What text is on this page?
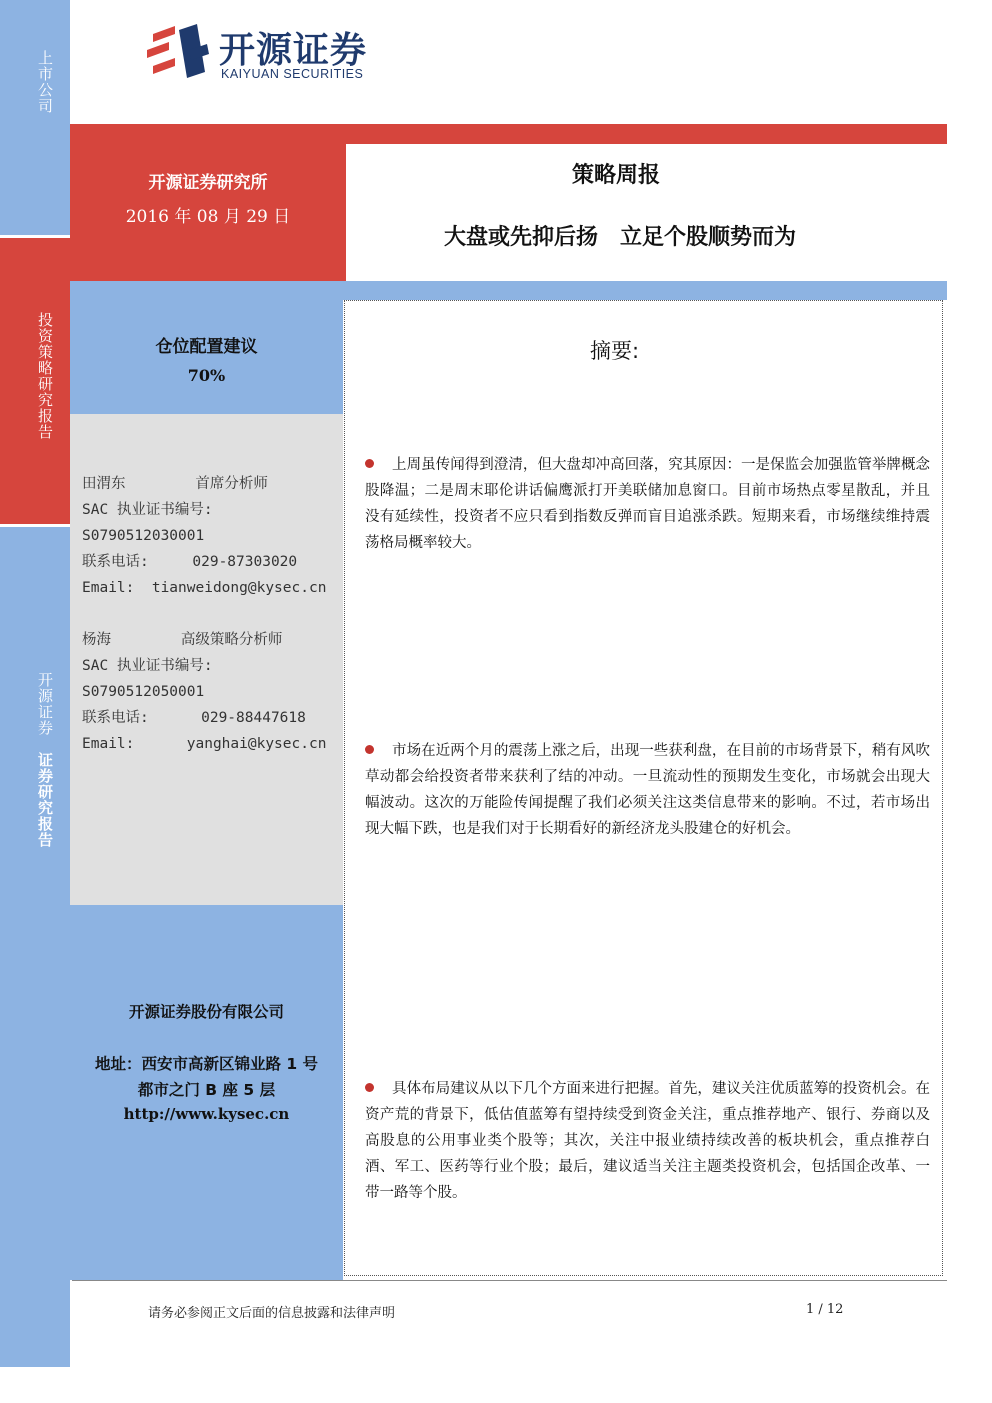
上市公司
投资策略研究报告
开源证券
证券研究报告
开源证券
KAIYUAN SECURITIES
开源证券研究所
2016 年 08 月 29 日
策略周报
大盘或先抑后扬　立足个股顺势而为
仓位配置建议
70%

田渭东        首席分析师

SAC 执业证书编号:

S0790512030001

联系电话:     029-87303020

Email:  tianweidong@kysec.cn

杨海        高级策略分析师

SAC 执业证书编号:

S0790512050001

联系电话:      029-88447618

Email:      yanghai@kysec.cn

开源证券股份有限公司
地址：西安市高新区锦业路 1 号
都市之门 B 座 5 层
http://www.kysec.cn
摘要:

上周虽传闻得到澄清，但大盘却冲高回落，究其原因：一是保监会加强监管举牌概念股降温；二是周末耶伦讲话偏鹰派打开美联储加息窗口。目前市场热点零星散乱，并且没有延续性，投资者不应只看到指数反弹而盲目追涨杀跌。短期来看，市场继续维持震荡格局概率较大。

市场在近两个月的震荡上涨之后，出现一些获利盘，在目前的市场背景下，稍有风吹草动都会给投资者带来获利了结的冲动。一旦流动性的预期发生变化，市场就会出现大幅波动。这次的万能险传闻提醒了我们必须关注这类信息带来的影响。不过，若市场出现大幅下跌，也是我们对于长期看好的新经济龙头股建仓的好机会。

具体布局建议从以下几个方面来进行把握。首先，建议关注优质蓝筹的投资机会。在资产荒的背景下，低估值蓝筹有望持续受到资金关注，重点推荐地产、银行、券商以及高股息的公用事业类个股等；其次，关注中报业绩持续改善的板块机会，重点推荐白酒、军工、医药等行业个股；最后，建议适当关注主题类投资机会，包括国企改革、一带一路等个股。

请务必参阅正文后面的信息披露和法律声明	1 / 12
